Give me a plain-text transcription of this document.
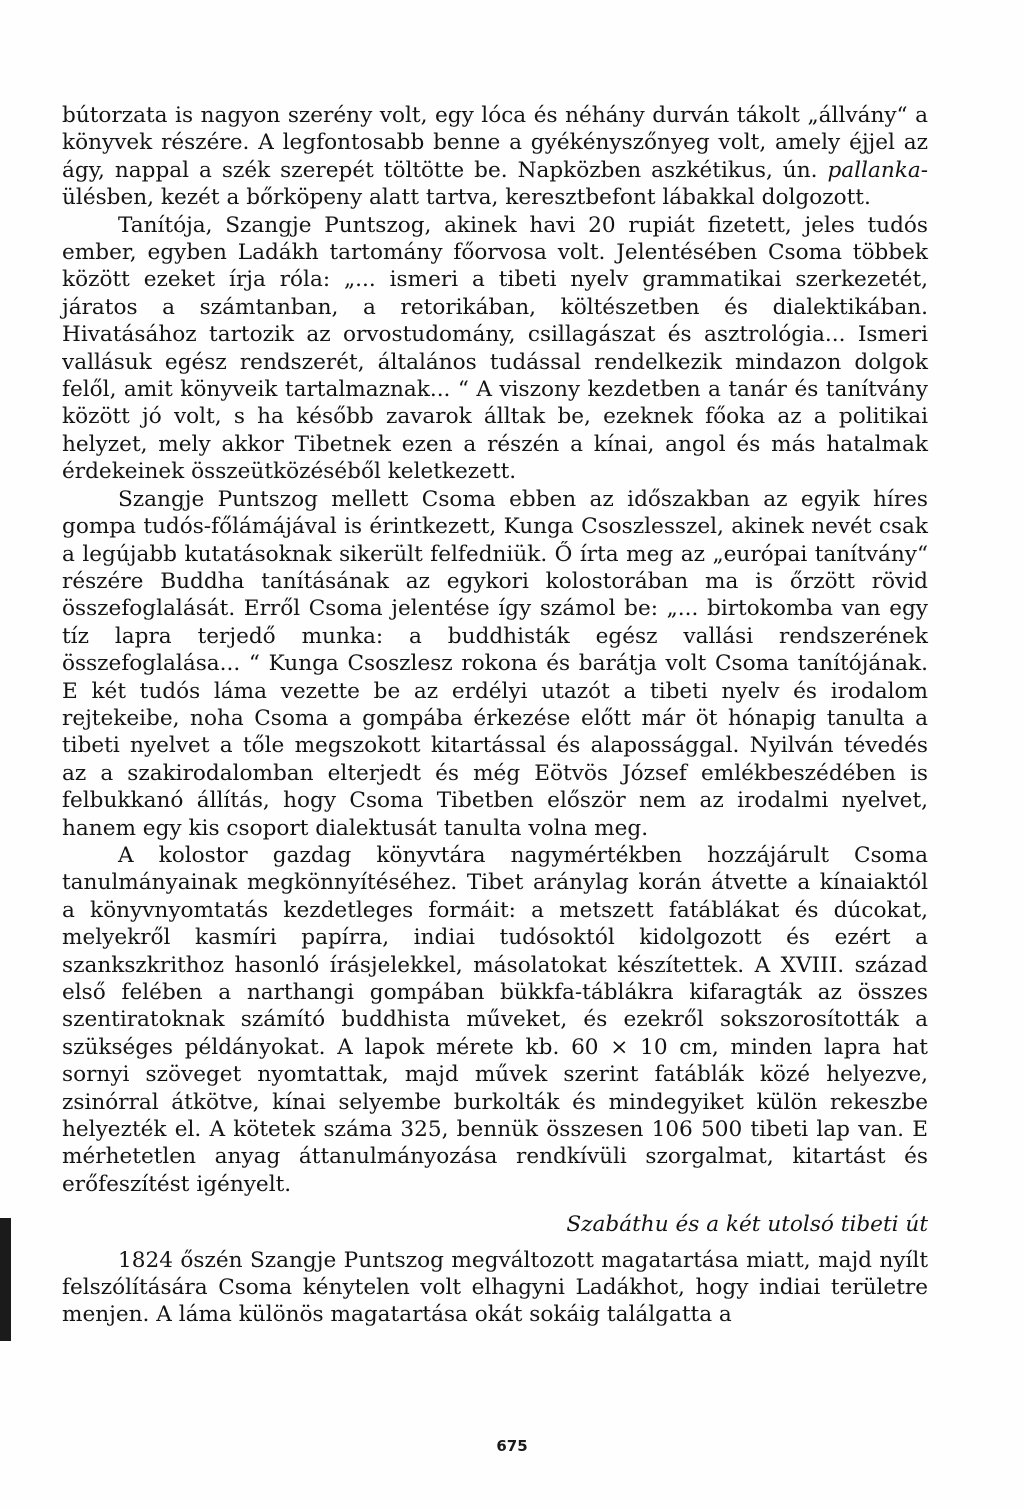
bútorzata is nagyon szerény volt, egy lóca és néhány durván tákolt „állvány“ a könyvek részére. A legfontosabb benne a gyékényszőnyeg volt, amely éjjel az ágy, nappal a szék szerepét töltötte be. Napközben aszkétikus, ún. pallanka-ülésben, kezét a bőrköpeny alatt tartva, keresztbefont lábakkal dolgozott.

Tanítója, Szangje Puntszog, akinek havi 20 rupiát fizetett, jeles tudós ember, egyben Ladákh tartomány főorvosa volt. Jelentésében Csoma többek között ezeket írja róla: „... ismeri a tibeti nyelv grammatikai szerkezetét, járatos a számtanban, a retorikában, költészetben és dialektikában. Hivatásához tartozik az orvostudomány, csillagászat és asztrológia... Ismeri vallásuk egész rendszerét, általános tudással rendelkezik mindazon dolgok felől, amit könyveik tartalmaznak... “ A viszony kezdetben a tanár és tanítvány között jó volt, s ha később zavarok álltak be, ezeknek főoka az a politikai helyzet, mely akkor Tibetnek ezen a részén a kínai, angol és más hatalmak érdekeinek összeütközéséből keletkezett.

Szangje Puntszog mellett Csoma ebben az időszakban az egyik híres gompa tudós-főlámájával is érintkezett, Kunga Csoszlesszel, akinek nevét csak a legújabb kutatásoknak sikerült felfedniük. Ő írta meg az „európai tanítvány“ részére Buddha tanításának az egykori kolostorában ma is őrzött rövid összefoglalását. Erről Csoma jelentése így számol be: „... birtokomba van egy tíz lapra terjedő munka: a buddhisták egész vallási rendszerének összefoglalása... “ Kunga Csoszlesz rokona és barátja volt Csoma tanítójának. E két tudós láma vezette be az erdélyi utazót a tibeti nyelv és irodalom rejtekeibe, noha Csoma a gompába érkezése előtt már öt hónapig tanulta a tibeti nyelvet a tőle megszokott kitartással és alapossággal. Nyilván tévedés az a szakirodalomban elterjedt és még Eötvös József emlékbeszédében is felbukkanó állítás, hogy Csoma Tibetben először nem az irodalmi nyelvet, hanem egy kis csoport dialektusát tanulta volna meg.

A kolostor gazdag könyvtára nagymértékben hozzájárult Csoma tanulmányainak megkönnyítéséhez. Tibet aránylag korán átvette a kínaiaktól a könyvnyomtatás kezdetleges formáit: a metszett fatáblákat és dúcokat, melyekről kasmíri papírra, indiai tudósoktól kidolgozott és ezért a szankszkrithoz hasonló írásjelekkel, másolatokat készítettek. A XVIII. század első felében a narthangi gompában bükkfa-táblákra kifaragták az összes szentiratoknak számító buddhista műveket, és ezekről sokszorosították a szükséges példányokat. A lapok mérete kb. 60 × 10 cm, minden lapra hat sornyi szöveget nyomtattak, majd művek szerint fatáblák közé helyezve, zsinórral átkötve, kínai selyembe burkolták és mindegyiket külön rekeszbe helyezték el. A kötetek száma 325, bennük összesen 106 500 tibeti lap van. E mérhetetlen anyag áttanulmányozása rendkívüli szorgalmat, kitartást és erőfeszítést igényelt.

Szabáthu és a két utolsó tibeti út

1824 őszén Szangje Puntszog megváltozott magatartása miatt, majd nyílt felszólítására Csoma kénytelen volt elhagyni Ladákhot, hogy indiai területre menjen. A láma különös magatartása okát sokáig találgatta a

675
